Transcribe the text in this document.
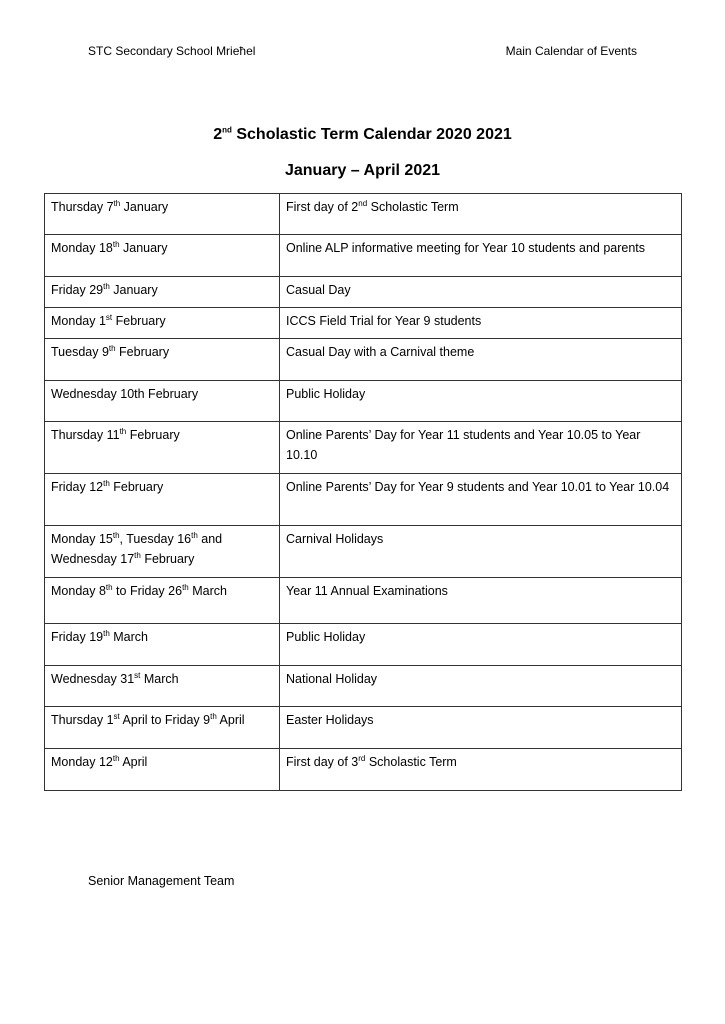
STC Secondary School Mrieħel	Main Calendar of Events
2nd Scholastic Term Calendar 2020 2021
January – April 2021
Thursday 7th January	First day of 2nd Scholastic Term
Monday 18th January	Online ALP informative meeting for Year 10 students and parents
Friday 29th January	Casual Day
Monday 1st February	ICCS Field Trial for Year 9 students
Tuesday 9th February	Casual Day with a Carnival theme
Wednesday 10th February	Public Holiday
Thursday 11th February	Online Parents’ Day for Year 11 students and Year 10.05 to Year 10.10
Friday 12th February	Online Parents’ Day for Year 9 students and Year 10.01 to Year 10.04
Monday 15th, Tuesday 16th and Wednesday 17th February	Carnival Holidays
Monday 8th to Friday 26th March	Year 11 Annual Examinations
Friday 19th March	Public Holiday
Wednesday 31st March	National Holiday
Thursday 1st April to Friday 9th April	Easter Holidays
Monday 12th April	First day of 3rd Scholastic Term
Senior Management Team
